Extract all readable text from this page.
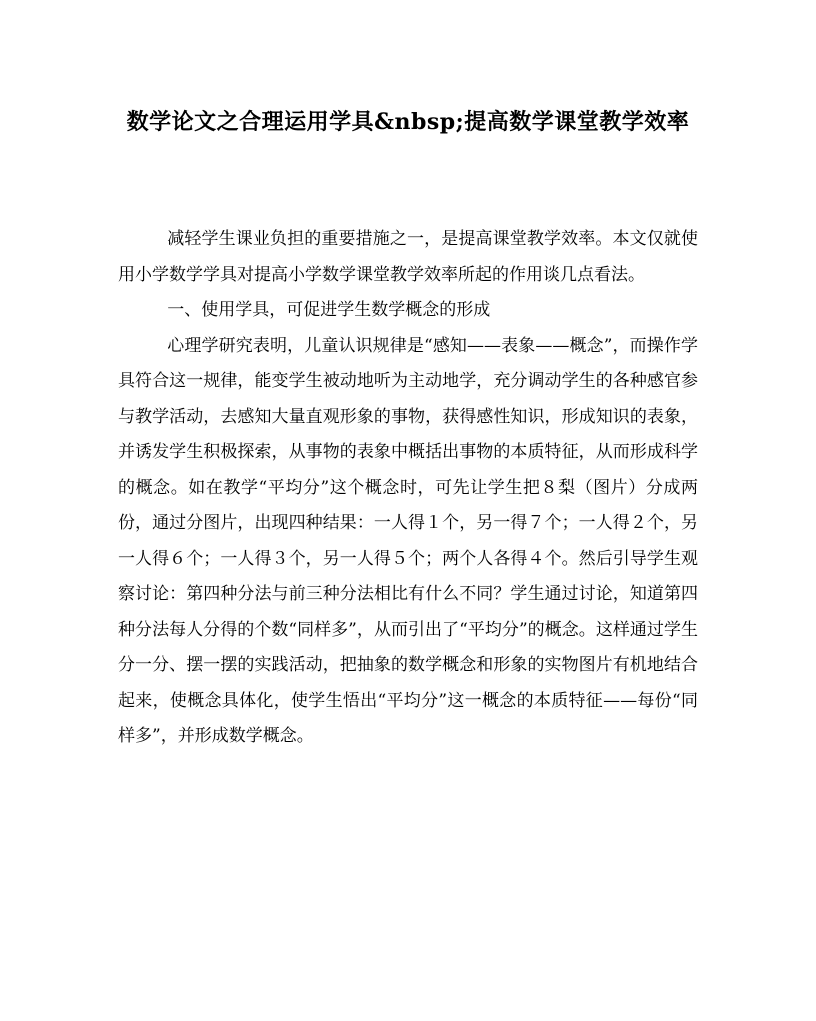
数学论文之合理运用学具&nbsp;提高数学课堂教学效率

减轻学生课业负担的重要措施之一，是提高课堂教学效率。本文仅就使用小学数学学具对提高小学数学课堂教学效率所起的作用谈几点看法。

一、使用学具，可促进学生数学概念的形成

心理学研究表明，儿童认识规律是“感知——表象——概念”，而操作学具符合这一规律，能变学生被动地听为主动地学，充分调动学生的各种感官参与教学活动，去感知大量直观形象的事物，获得感性知识，形成知识的表象，并诱发学生积极探索，从事物的表象中概括出事物的本质特征，从而形成科学的概念。如在教学“平均分”这个概念时，可先让学生把８梨（图片）分成两份，通过分图片，出现四种结果：一人得１个，另一得７个；一人得２个，另一人得６个；一人得３个，另一人得５个；两个人各得４个。然后引导学生观察讨论：第四种分法与前三种分法相比有什么不同？学生通过讨论，知道第四种分法每人分得的个数“同样多”，从而引出了“平均分”的概念。这样通过学生分一分、摆一摆的实践活动，把抽象的数学概念和形象的实物图片有机地结合起来，使概念具体化，使学生悟出“平均分”这一概念的本质特征——每份“同样多”，并形成数学概念。
